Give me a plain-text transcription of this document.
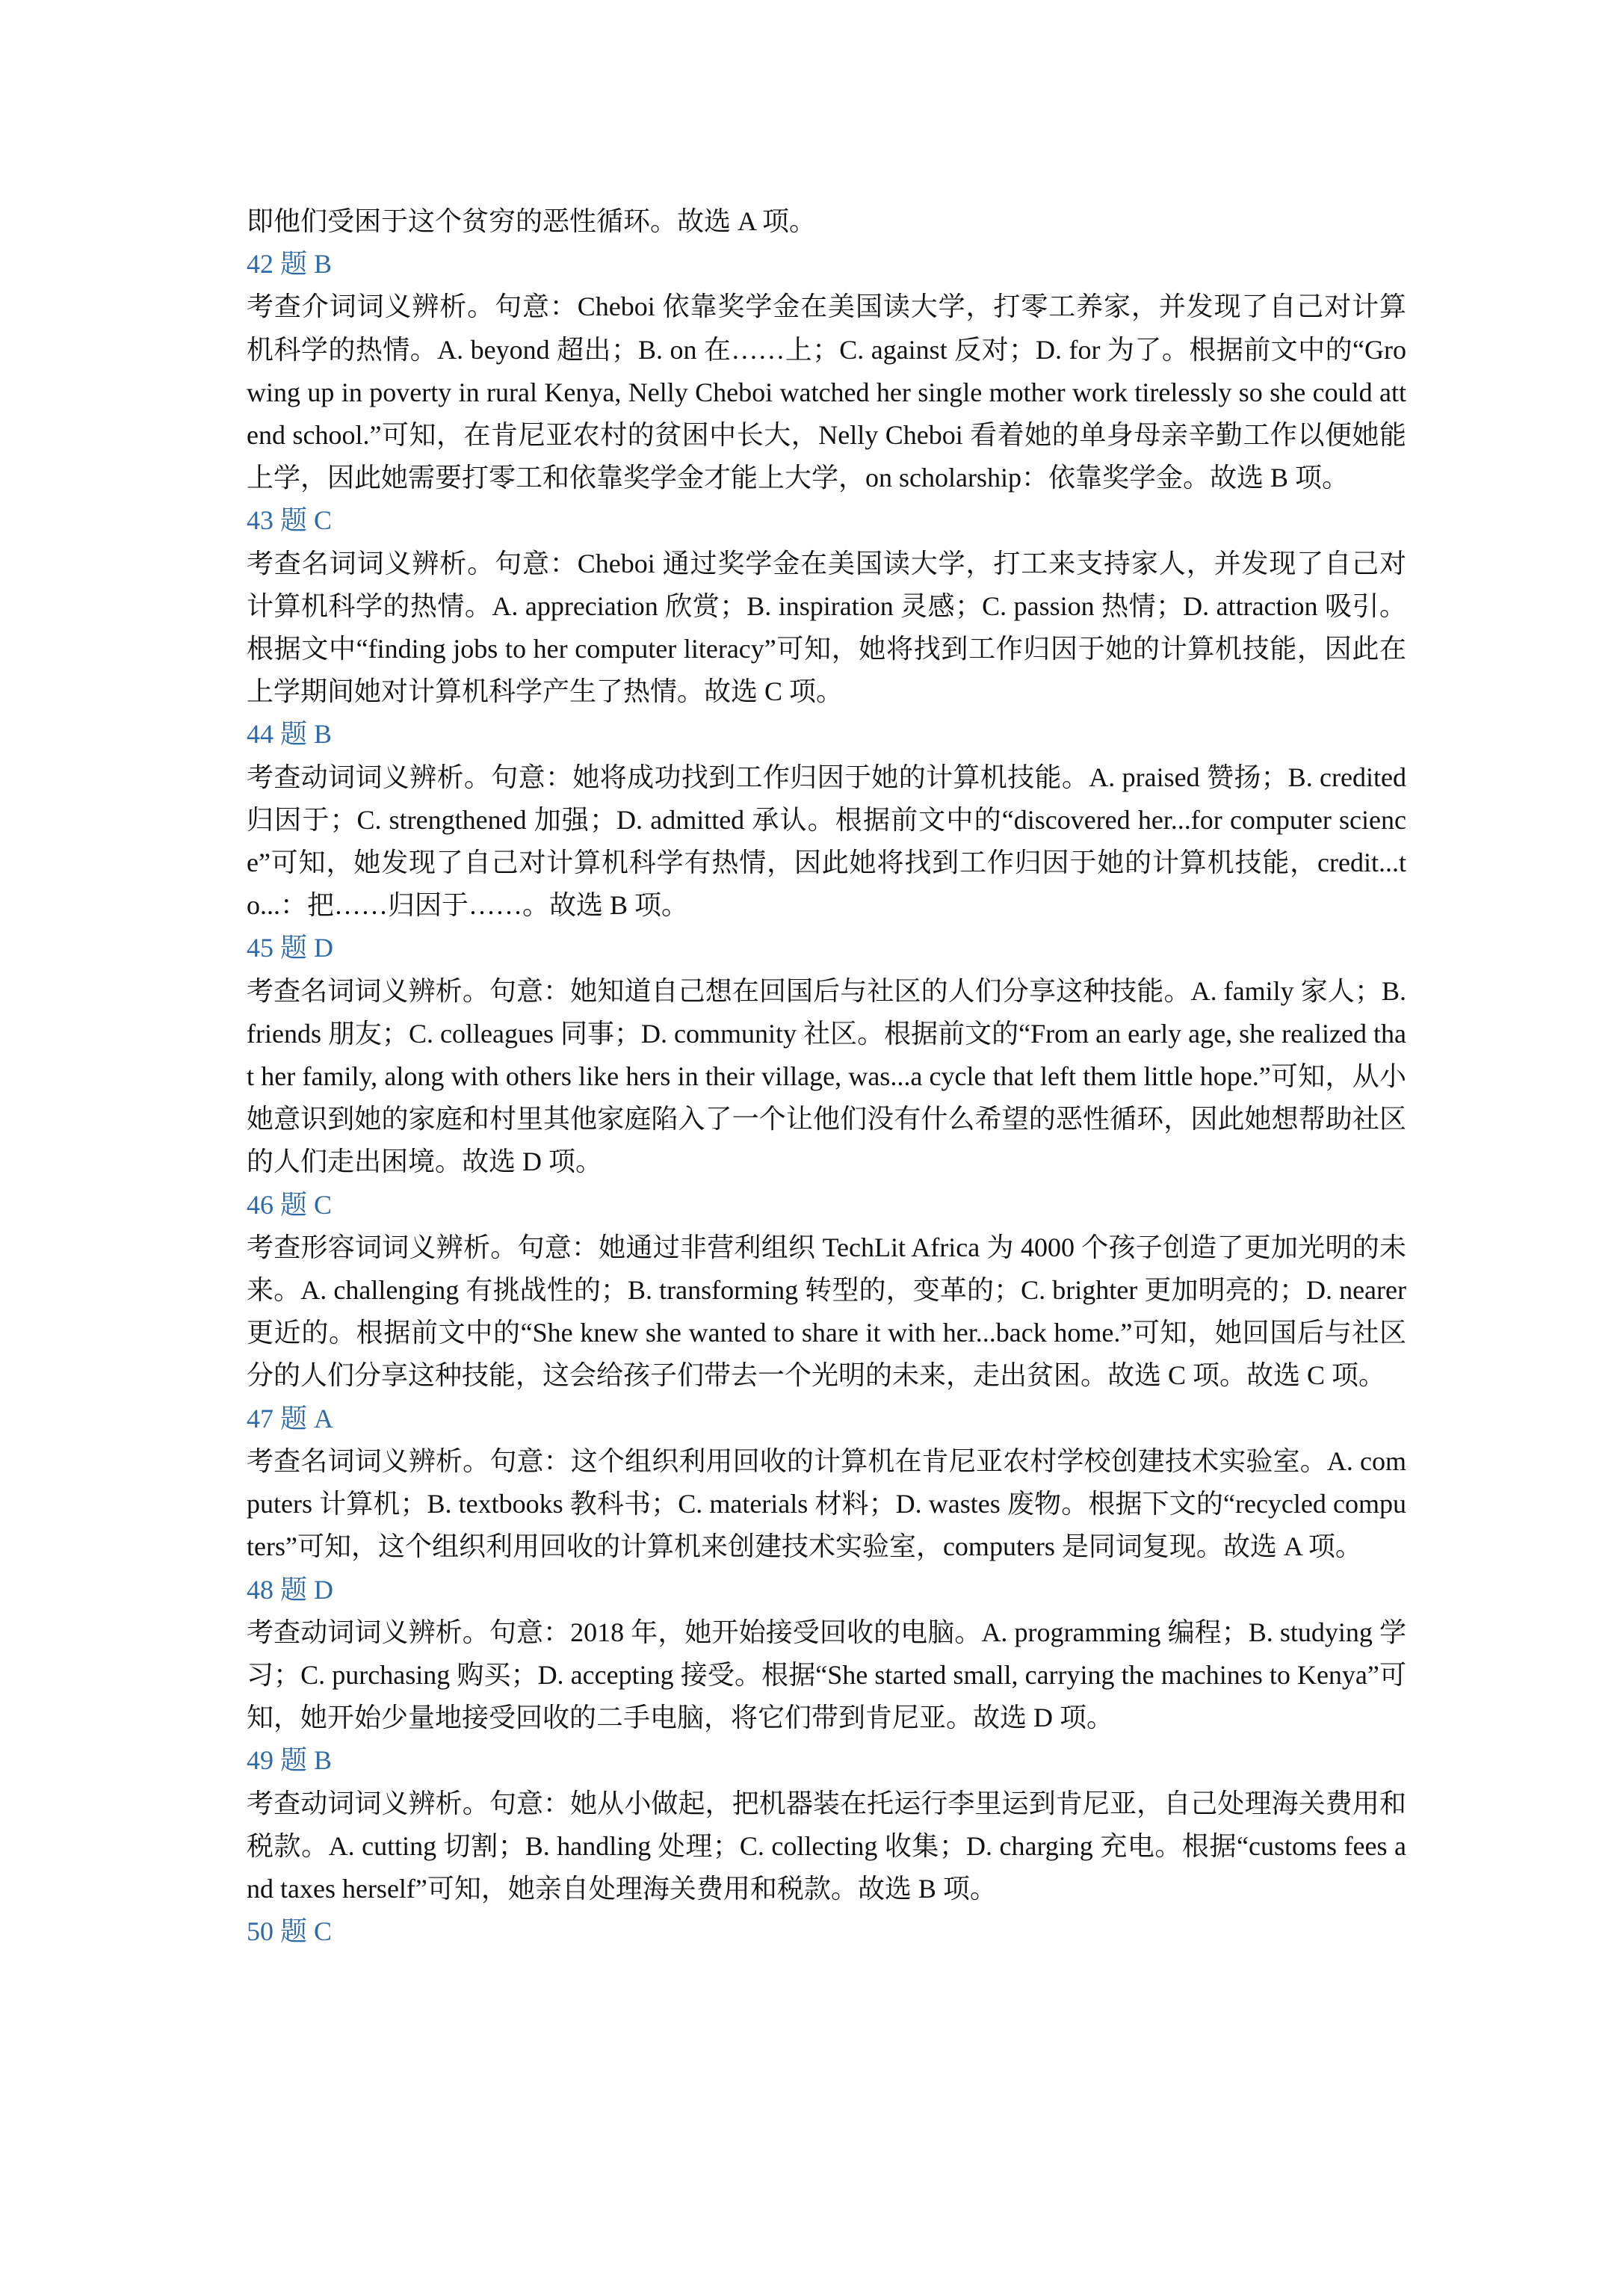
即他们受困于这个贫穷的恶性循环。故选 A 项。

42 题 B

考查介词词义辨析。句意：Cheboi 依靠奖学金在美国读大学，打零工养家，并发现了自己对计算机科学的热情。A. beyond 超出；B. on 在……上；C. against 反对；D. for 为了。根据前文中的“Growing up in poverty in rural Kenya, Nelly Cheboi watched her single mother work tirelessly so she could attend school.”可知，在肯尼亚农村的贫困中长大，Nelly Cheboi 看着她的单身母亲辛勤工作以便她能上学，因此她需要打零工和依靠奖学金才能上大学，on scholarship：依靠奖学金。故选 B 项。

43 题 C

考查名词词义辨析。句意：Cheboi 通过奖学金在美国读大学，打工来支持家人，并发现了自己对计算机科学的热情。A. appreciation 欣赏；B. inspiration 灵感；C. passion 热情；D. attraction 吸引。根据文中“finding jobs to her computer literacy”可知，她将找到工作归因于她的计算机技能，因此在上学期间她对计算机科学产生了热情。故选 C 项。

44 题 B

考查动词词义辨析。句意：她将成功找到工作归因于她的计算机技能。A. praised 赞扬；B. credited 归因于；C. strengthened 加强；D. admitted 承认。根据前文中的“discovered her...for computer science”可知，她发现了自己对计算机科学有热情，因此她将找到工作归因于她的计算机技能，credit...to...：把……归因于……。故选 B 项。

45 题 D

考查名词词义辨析。句意：她知道自己想在回国后与社区的人们分享这种技能。A. family 家人；B. friends 朋友；C. colleagues 同事；D. community 社区。根据前文的“From an early age, she realized that her family, along with others like hers in their village, was...a cycle that left them little hope.”可知，从小她意识到她的家庭和村里其他家庭陷入了一个让他们没有什么希望的恶性循环，因此她想帮助社区的人们走出困境。故选 D 项。

46 题 C

考查形容词词义辨析。句意：她通过非营利组织 TechLit Africa 为 4000 个孩子创造了更加光明的未来。A. challenging 有挑战性的；B. transforming 转型的，变革的；C. brighter 更加明亮的；D. nearer 更近的。根据前文中的“She knew she wanted to share it with her...back home.”可知，她回国后与社区分的人们分享这种技能，这会给孩子们带去一个光明的未来，走出贫困。故选 C 项。故选 C 项。

47 题 A

考查名词词义辨析。句意：这个组织利用回收的计算机在肯尼亚农村学校创建技术实验室。A. computers 计算机；B. textbooks 教科书；C. materials 材料；D. wastes 废物。根据下文的“recycled computers”可知，这个组织利用回收的计算机来创建技术实验室，computers 是同词复现。故选 A 项。

48 题 D

考查动词词义辨析。句意：2018 年，她开始接受回收的电脑。A. programming 编程；B. studying 学习；C. purchasing 购买；D. accepting 接受。根据“She started small, carrying the machines to Kenya”可知，她开始少量地接受回收的二手电脑，将它们带到肯尼亚。故选 D 项。

49 题 B

考查动词词义辨析。句意：她从小做起，把机器装在托运行李里运到肯尼亚，自己处理海关费用和税款。A. cutting 切割；B. handling 处理；C. collecting 收集；D. charging 充电。根据“customs fees and taxes herself”可知，她亲自处理海关费用和税款。故选 B 项。

50 题 C
